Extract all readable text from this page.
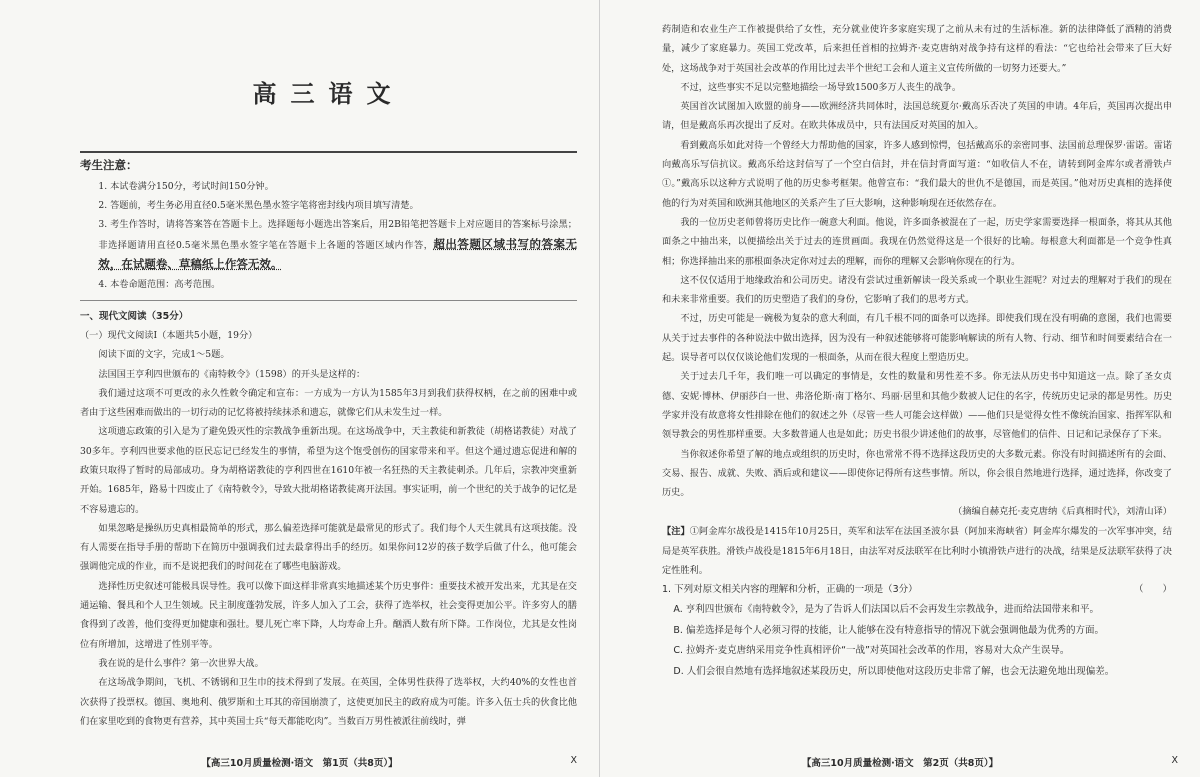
高三语文
考生注意：

1. 本试卷满分150分，考试时间150分钟。

2. 答题前，考生务必用直径0.5毫米黑色墨水签字笔将密封线内项目填写清楚。

3. 考生作答时，请将答案答在答题卡上。选择题每小题选出答案后，用2B铅笔把答题卡上对应题目的答案标号涂黑；非选择题请用直径0.5毫米黑色墨水签字笔在答题卡上各题的答题区域内作答，超出答题区域书写的答案无效，在试题卷、草稿纸上作答无效。

4. 本卷命题范围：高考范围。

一、现代文阅读（35分）

（一）现代文阅读Ⅰ（本题共5小题，19分）

阅读下面的文字，完成1～5题。

法国国王亨利四世颁布的《南特敕令》（1598）的开头是这样的：

我们通过这项不可更改的永久性敕令确定和宣布：一方成为一方认为1585年3月到我们获得权柄，在之前的困难中或者由于这些困难而做出的一切行动的记忆将被持续抹杀和遗忘，就像它们从未发生过一样。

这项遗忘政策的引入是为了避免毁灭性的宗教战争重新出现。在这场战争中，天主教徒和新教徒（胡格诺教徒）对战了30多年。亨利四世要求他的臣民忘记已经发生的事情，希望为这个饱受创伤的国家带来和平。但这个通过遗忘促进和解的政策只取得了暂时的局部成功。身为胡格诺教徒的亨利四世在1610年被一名狂热的天主教徒刺杀。几年后，宗教冲突重新开始。1685年，路易十四废止了《南特敕令》，导致大批胡格诺教徒离开法国。事实证明，前一个世纪的关于战争的记忆是不容易遗忘的。

如果忽略是操纵历史真相最简单的形式，那么偏差选择可能就是最常见的形式了。我们每个人天生就具有这项技能。没有人需要在指导手册的帮助下在简历中强调我们过去最拿得出手的经历。如果你问12岁的孩子数学后做了什么，他可能会强调他完成的作业，而不是说把我们的时间花在了哪些电脑游戏。

选择性历史叙述可能极具误导性。我可以像下面这样非常真实地描述某个历史事件：重要技术被开发出来，尤其是在交通运输、餐具和个人卫生领域。民主制度蓬勃发展，许多人加入了工会，获得了选举权，社会变得更加公平。许多穷人的膳食得到了改善，他们变得更加健康和强壮。婴儿死亡率下降，人均寿命上升。酗酒人数有所下降。工作岗位，尤其是女性岗位有所增加，这增进了性别平等。

我在说的是什么事件？第一次世界大战。

在这场战争期间，飞机、不锈钢和卫生巾的技术得到了发展。在英国，全体男性获得了选举权，大约40%的女性也首次获得了投票权。德国、奥地利、俄罗斯和土耳其的帝国崩溃了，这使更加民主的政府成为可能。许多入伍士兵的伙食比他们在家里吃到的食物更有营养，其中英国士兵“每天都能吃肉”。当数百万男性被派往前线时，弹

【高三10月质量检测·语文　第1页（共8页）】	X

药制造和农业生产工作被提供给了女性，充分就业使许多家庭实现了之前从未有过的生活标准。新的法律降低了酒精的消费量，减少了家庭暴力。英国工党改革，后来担任首相的拉姆齐·麦克唐纳对战争持有这样的看法：“它也给社会带来了巨大好处，这场战争对于英国社会改革的作用比过去半个世纪工会和人道主义宣传所做的一切努力还要大。”

不过，这些事实不足以完整地描绘一场导致1500多万人丧生的战争。

英国首次试图加入欧盟的前身——欧洲经济共同体时，法国总统夏尔·戴高乐否决了英国的申请。4年后，英国再次提出申请，但是戴高乐再次提出了反对。在欧共体成员中，只有法国反对英国的加入。

看到戴高乐如此对待一个曾经大力帮助他的国家，许多人感到惊愕，包括戴高乐的亲密同事、法国前总理保罗·雷诺。雷诺向戴高乐写信抗议。戴高乐给这封信写了一个空白信封，并在信封背面写道：“如收信人不在，请转到阿金库尔或者滑铁卢①。”戴高乐以这种方式说明了他的历史参考框架。他曾宣布：“我们最大的世仇不是德国，而是英国。”他对历史真相的选择使他的行为对英国和欧洲其他地区的关系产生了巨大影响，这种影响现在还依然存在。

我的一位历史老师曾将历史比作一碗意大利面。他说，许多面条被混在了一起，历史学家需要选择一根面条，将其从其他面条之中抽出来，以便描绘出关于过去的连贯画面。我现在仍然觉得这是一个很好的比喻。每根意大利面都是一个竞争性真相；你选择抽出来的那根面条决定你对过去的理解，而你的理解又会影响你现在的行为。

这不仅仅适用于地缘政治和公司历史。诸没有尝试过重新解读一段关系或一个职业生涯呢？对过去的理解对于我们的现在和未来非常重要。我们的历史塑造了我们的身份，它影响了我们的思考方式。

不过，历史可能是一碗极为复杂的意大利面，有几千根不同的面条可以选择。即使我们现在没有明确的意图，我们也需要从关于过去事件的各种说法中做出选择，因为没有一种叙述能够将可能影响解读的所有人物、行动、细节和时间要素结合在一起。误导者可以仅仅谈论他们发现的一根面条，从而在很大程度上塑造历史。

关于过去几千年，我们唯一可以确定的事情是，女性的数量和男性差不多。你无法从历史书中知道这一点。除了圣女贞德、安妮·博林、伊丽莎白一世、弗洛伦斯·南丁格尔、玛丽·居里和其他少数被人记住的名字，传统历史记录的都是男性。历史学家并没有故意将女性排除在他们的叙述之外（尽管一些人可能会这样做）——他们只是觉得女性不像统治国家、指挥军队和领导教会的男性那样重要。大多数普通人也是如此；历史书很少讲述他们的故事，尽管他们的信件、日记和记录保存了下来。

当你叙述你希望了解的地点或组织的历史时，你也常常不得不选择这段历史的大多数元素。你没有时间描述所有的会面、交易、报告、成就、失败、酒后或和建议——即使你记得所有这些事情。所以，你会很自然地进行选择，通过选择，你改变了历史。

（摘编自赫克托·麦克唐纳《后真相时代》，刘清山译）

【注】①阿金库尔战役是1415年10月25日，英军和法军在法国圣波尔县（阿加来海峡省）阿金库尔爆发的一次军事冲突，结局是英军获胜。滑铁卢战役是1815年6月18日，由法军对反法联军在比利时小镇滑铁卢进行的决战，结果是反法联军获得了决定性胜利。

1. 下列对原文相关内容的理解和分析，正确的一项是（3分）	（　　）

A. 亨利四世颁布《南特敕令》，是为了告诉人们法国以后不会再发生宗教战争，进而给法国带来和平。

B. 偏差选择是每个人必须习得的技能，让人能够在没有特意指导的情况下就会强调他最为优秀的方面。

C. 拉姆齐·麦克唐纳采用竞争性真相评价“一战”对英国社会改革的作用，容易对大众产生误导。

D. 人们会很自然地有选择地叙述某段历史，所以即使他对这段历史非常了解，也会无法避免地出现偏差。

【高三10月质量检测·语文　第2页（共8页）】	X
